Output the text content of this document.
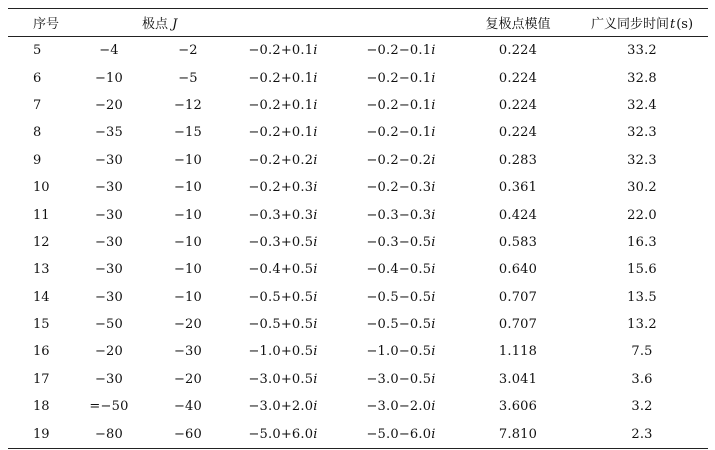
序号	极点 J				复极点模值	广义同步时间t(s)
5	−4	−2	−0.2+0.1i	−0.2−0.1i	0.224	33.2
6	−10	−5	−0.2+0.1i	−0.2−0.1i	0.224	32.8
7	−20	−12	−0.2+0.1i	−0.2−0.1i	0.224	32.4
8	−35	−15	−0.2+0.1i	−0.2−0.1i	0.224	32.3
9	−30	−10	−0.2+0.2i	−0.2−0.2i	0.283	32.3
10	−30	−10	−0.2+0.3i	−0.2−0.3i	0.361	30.2
11	−30	−10	−0.3+0.3i	−0.3−0.3i	0.424	22.0
12	−30	−10	−0.3+0.5i	−0.3−0.5i	0.583	16.3
13	−30	−10	−0.4+0.5i	−0.4−0.5i	0.640	15.6
14	−30	−10	−0.5+0.5i	−0.5−0.5i	0.707	13.5
15	−50	−20	−0.5+0.5i	−0.5−0.5i	0.707	13.2
16	−20	−30	−1.0+0.5i	−1.0−0.5i	1.118	7.5
17	−30	−20	−3.0+0.5i	−3.0−0.5i	3.041	3.6
18	=−50	−40	−3.0+2.0i	−3.0−2.0i	3.606	3.2
19	−80	−60	−5.0+6.0i	−5.0−6.0i	7.810	2.3
